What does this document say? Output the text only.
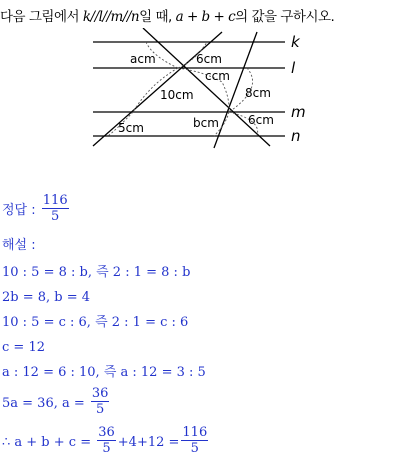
다음 그림에서 k//l//m//n일 때, a + b + c의 값을 구하시오.
k
l
m
n
acm	6cm
ccm
10cm	8cm
5cm	bcm 6cm
정답 : $\frac{116}{5}$
해설 :
10 : 5 = 8 : b, 즉 2 : 1 = 8 : b
2b = 8, b = 4
10 : 5 = c : 6, 즉 2 : 1 = c : 6
c = 12
a : 12 = 6 : 10, 즉 a : 12 = 3 : 5
5a = 36, $a = \frac{36}{5}$
∴ $a + b + c = \frac{36}{5} +4+12 = \frac{116}{5}$
